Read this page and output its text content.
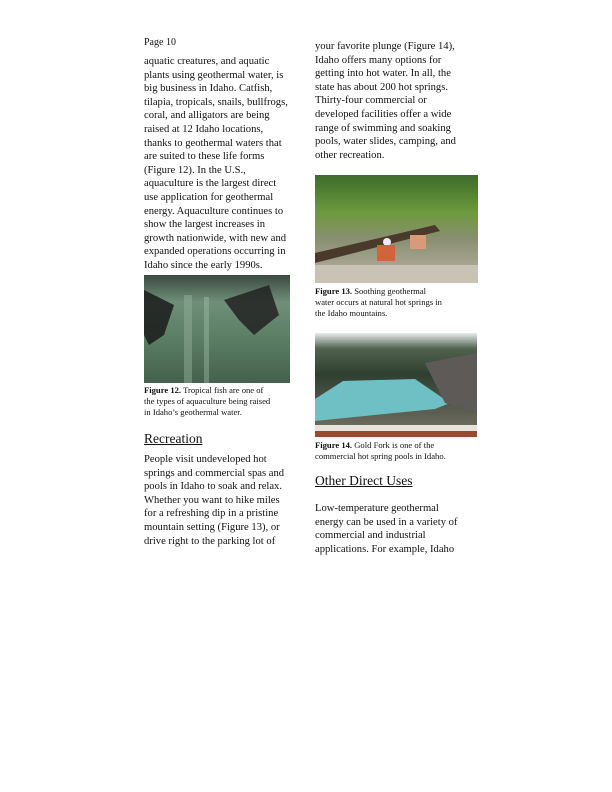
Page 10
aquatic creatures, and aquatic
plants using geothermal water, is
big business in Idaho. Catfish,
tilapia, tropicals, snails, bullfrogs,
coral, and alligators are being
raised at 12 Idaho locations,
thanks to geothermal waters that
are suited to these life forms
(Figure 12). In the U.S.,
aquaculture is the largest direct
use application for geothermal
energy. Aquaculture continues to
show the largest increases in
growth nationwide, with new and
expanded operations occurring in
Idaho since the early 1990s.
Figure 12. Tropical fish are one of
the types of aquaculture being raised
in Idaho’s geothermal water.
Recreation
People visit undeveloped hot
springs and commercial spas and
pools in Idaho to soak and relax.
Whether you want to hike miles
for a refreshing dip in a pristine
mountain setting (Figure 13), or
drive right to the parking lot of
your favorite plunge (Figure 14),
Idaho offers many options for
getting into hot water. In all, the
state has about 200 hot springs.
Thirty-four commercial or
developed facilities offer a wide
range of swimming and soaking
pools, water slides, camping, and
other recreation.
Figure 13. Soothing geothermal
water occurs at natural hot springs in
the Idaho mountains.
Figure 14. Gold Fork is one of the
commercial hot spring pools in Idaho.
Other Direct Uses
Low-temperature geothermal
energy can be used in a variety of
commercial and industrial
applications. For example, Idaho
